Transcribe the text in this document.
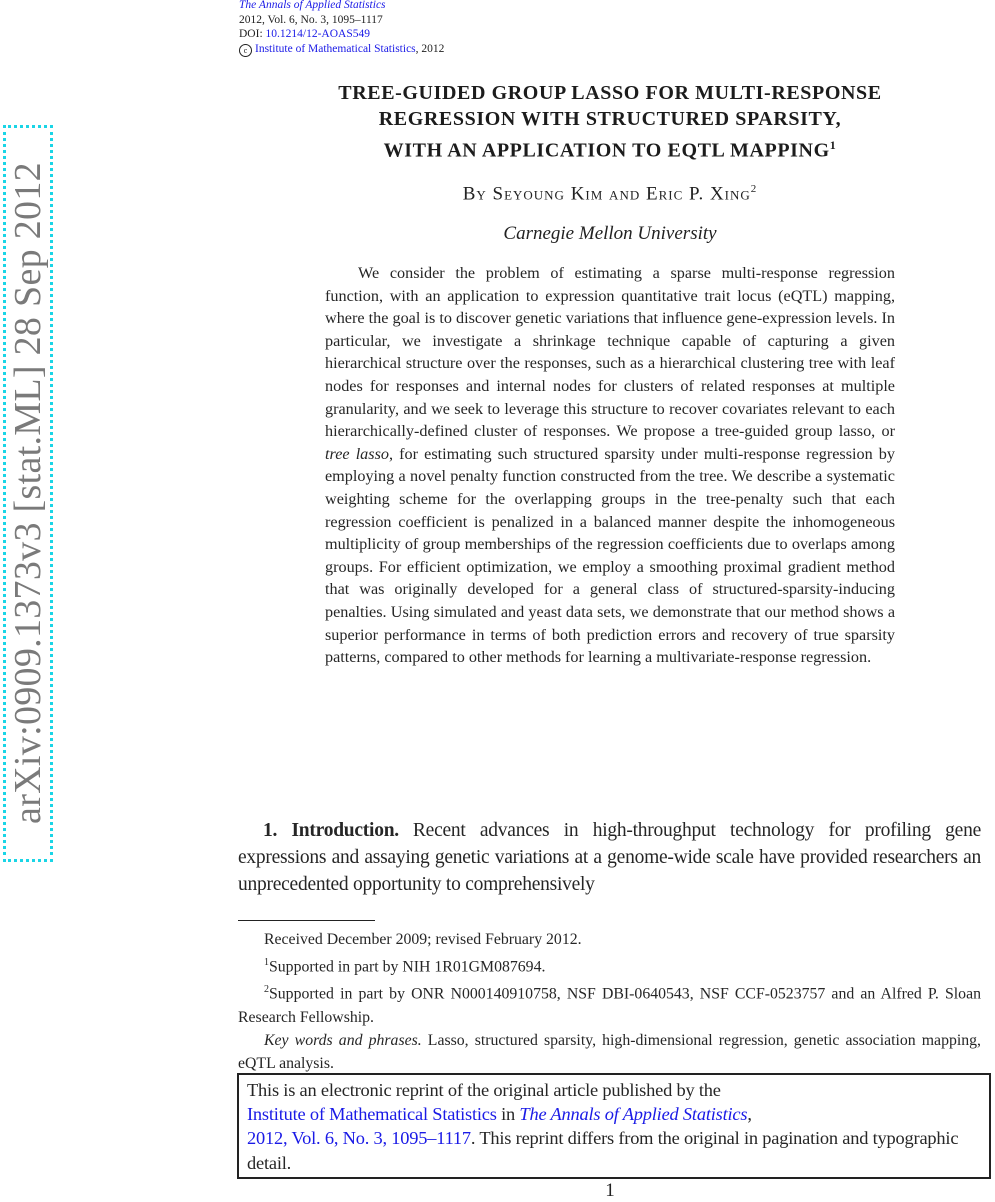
arXiv:0909.1373v3 [stat.ML] 28 Sep 2012
The Annals of Applied Statistics
2012, Vol. 6, No. 3, 1095–1117
DOI: 10.1214/12-AOAS549
c Institute of Mathematical Statistics, 2012
TREE-GUIDED GROUP LASSO FOR MULTI-RESPONSE
REGRESSION WITH STRUCTURED SPARSITY,
WITH AN APPLICATION TO EQTL MAPPING$^1$
By Seyoung Kim and Eric P. Xing$^2$
Carnegie Mellon University
We consider the problem of estimating a sparse multi-response regression function, with an application to expression quantitative trait locus (eQTL) mapping, where the goal is to discover genetic variations that influence gene-expression levels. In particular, we investigate a shrinkage technique capable of capturing a given hierarchical structure over the responses, such as a hierarchical clustering tree with leaf nodes for responses and internal nodes for clusters of related responses at multiple granularity, and we seek to leverage this structure to recover covariates relevant to each hierarchically-defined cluster of responses. We propose a tree-guided group lasso, or tree lasso, for estimating such structured sparsity under multi-response regression by employing a novel penalty function constructed from the tree. We describe a systematic weighting scheme for the overlapping groups in the tree-penalty such that each regression coefficient is penalized in a balanced manner despite the inhomogeneous multiplicity of group memberships of the regression coefficients due to overlaps among groups. For efficient optimization, we employ a smoothing proximal gradient method that was originally developed for a general class of structured-sparsity-inducing penalties. Using simulated and yeast data sets, we demonstrate that our method shows a superior performance in terms of both prediction errors and recovery of true sparsity patterns, compared to other methods for learning a multivariate-response regression.
1. Introduction. Recent advances in high-throughput technology for profiling gene expressions and assaying genetic variations at a genome-wide scale have provided researchers an unprecedented opportunity to comprehensively
Received December 2009; revised February 2012.
$^1$Supported in part by NIH 1R01GM087694.
$^2$Supported in part by ONR N000140910758, NSF DBI-0640543, NSF CCF-0523757 and an Alfred P. Sloan Research Fellowship.
Key words and phrases. Lasso, structured sparsity, high-dimensional regression, genetic association mapping, eQTL analysis.
This is an electronic reprint of the original article published by the
Institute of Mathematical Statistics in The Annals of Applied Statistics,
2012, Vol. 6, No. 3, 1095–1117. This reprint differs from the original in pagination and typographic detail.
1
